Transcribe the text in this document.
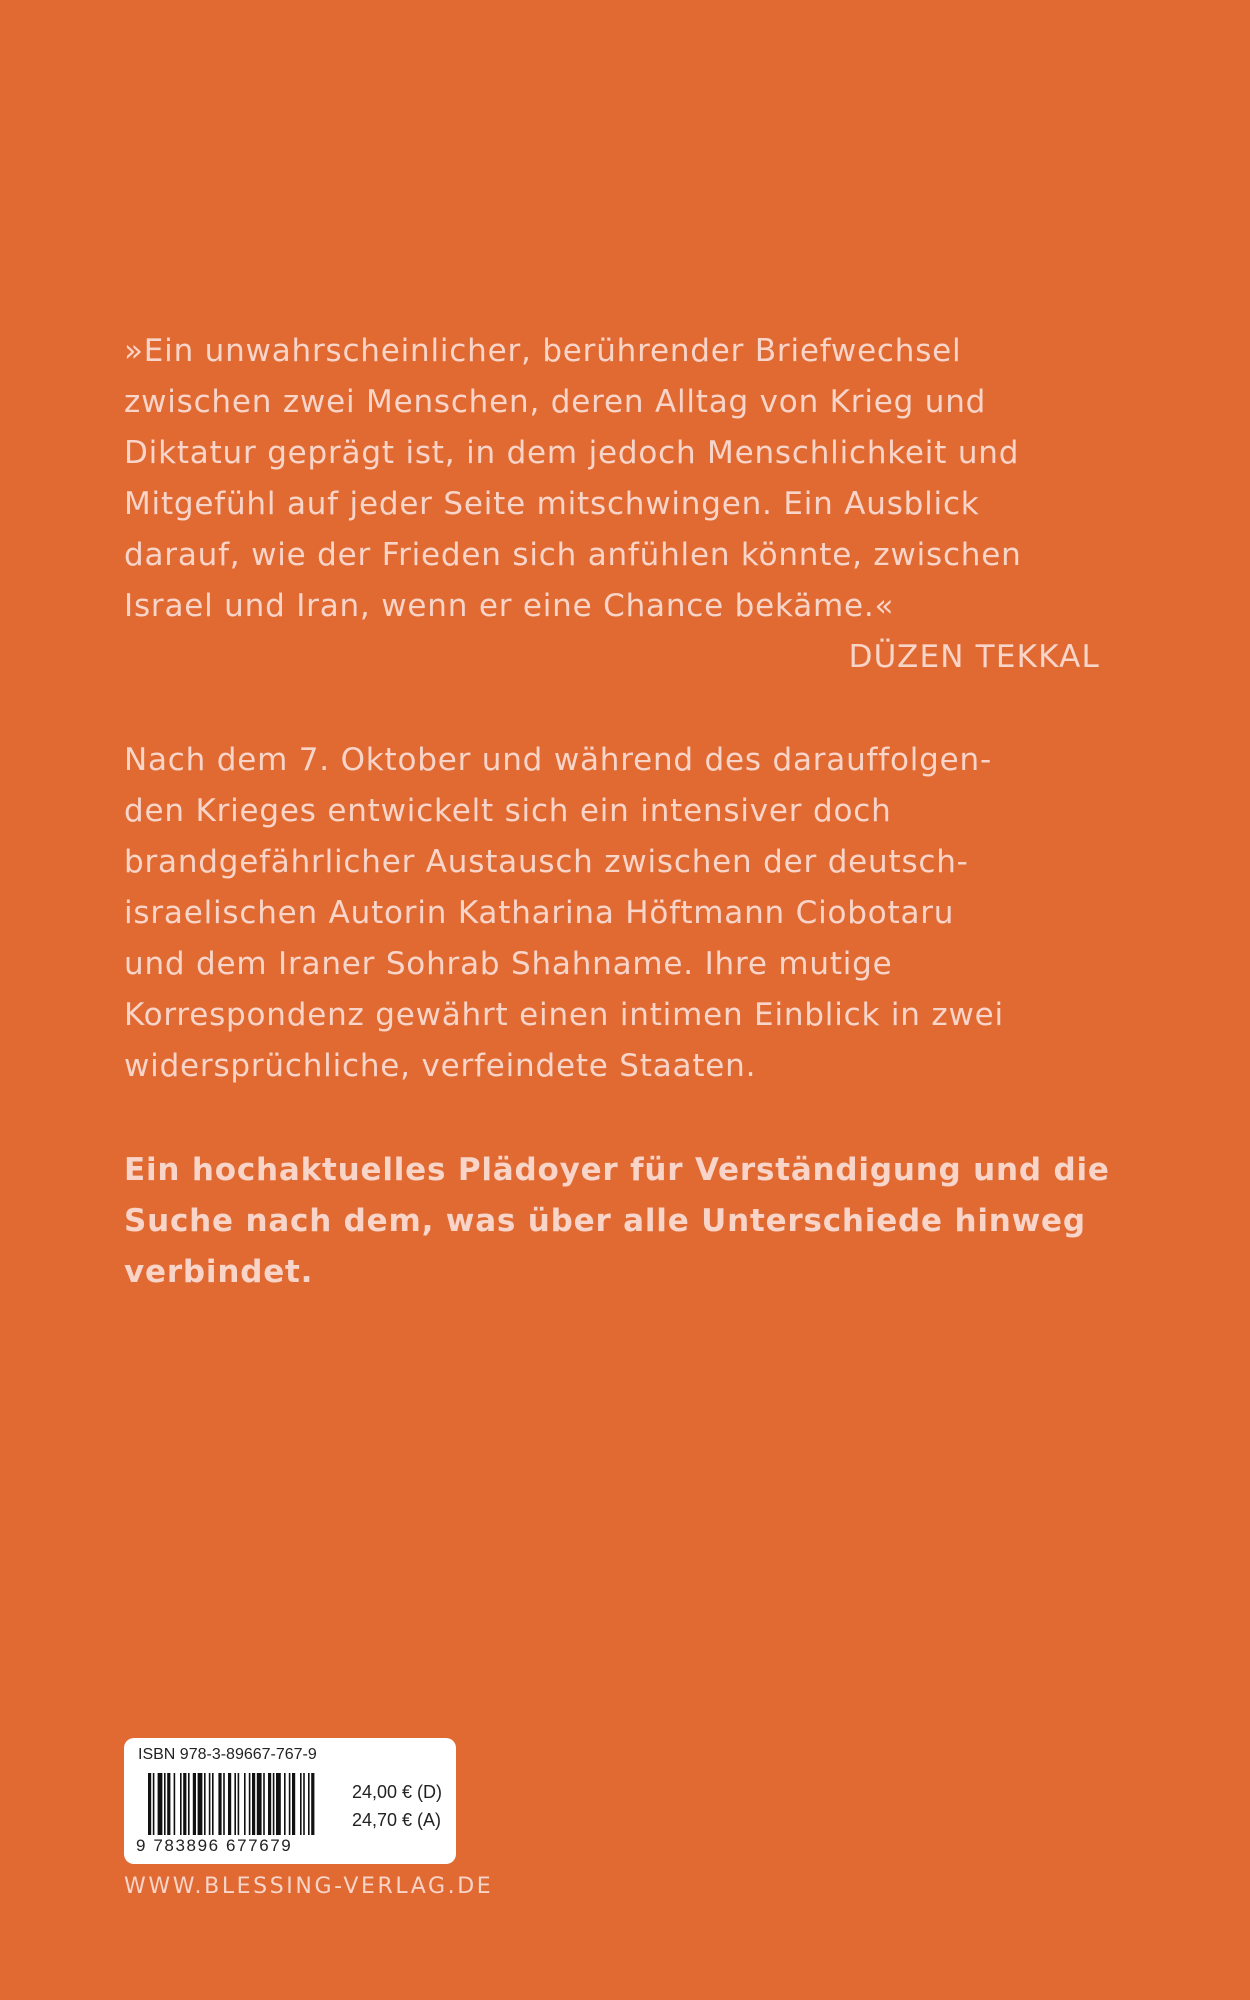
»Ein unwahrscheinlicher, berührender Briefwechsel
zwischen zwei Menschen, deren Alltag von Krieg und
Diktatur geprägt ist, in dem jedoch Menschlichkeit und
Mitgefühl auf jeder Seite mitschwingen. Ein Ausblick
darauf, wie der Frieden sich anfühlen könnte, zwischen
Israel und Iran, wenn er eine Chance bekäme.«
DÜZEN TEKKAL
Nach dem 7. Oktober und während des darauffolgen-
den Krieges entwickelt sich ein intensiver doch
brandgefährlicher Austausch zwischen der deutsch-
israelischen Autorin Katharina Höftmann Ciobotaru
und dem Iraner Sohrab Shahname. Ihre mutige
Korrespondenz gewährt einen intimen Einblick in zwei
widersprüchliche, verfeindete Staaten.
Ein hochaktuelles Plädoyer für Verständigung und die
Suche nach dem, was über alle Unterschiede hinweg
verbindet.
ISBN 978-3-89667-767-9
9 783896 677679
24,00 € (D)
24,70 € (A)
WWW.BLESSING-VERLAG.DE
